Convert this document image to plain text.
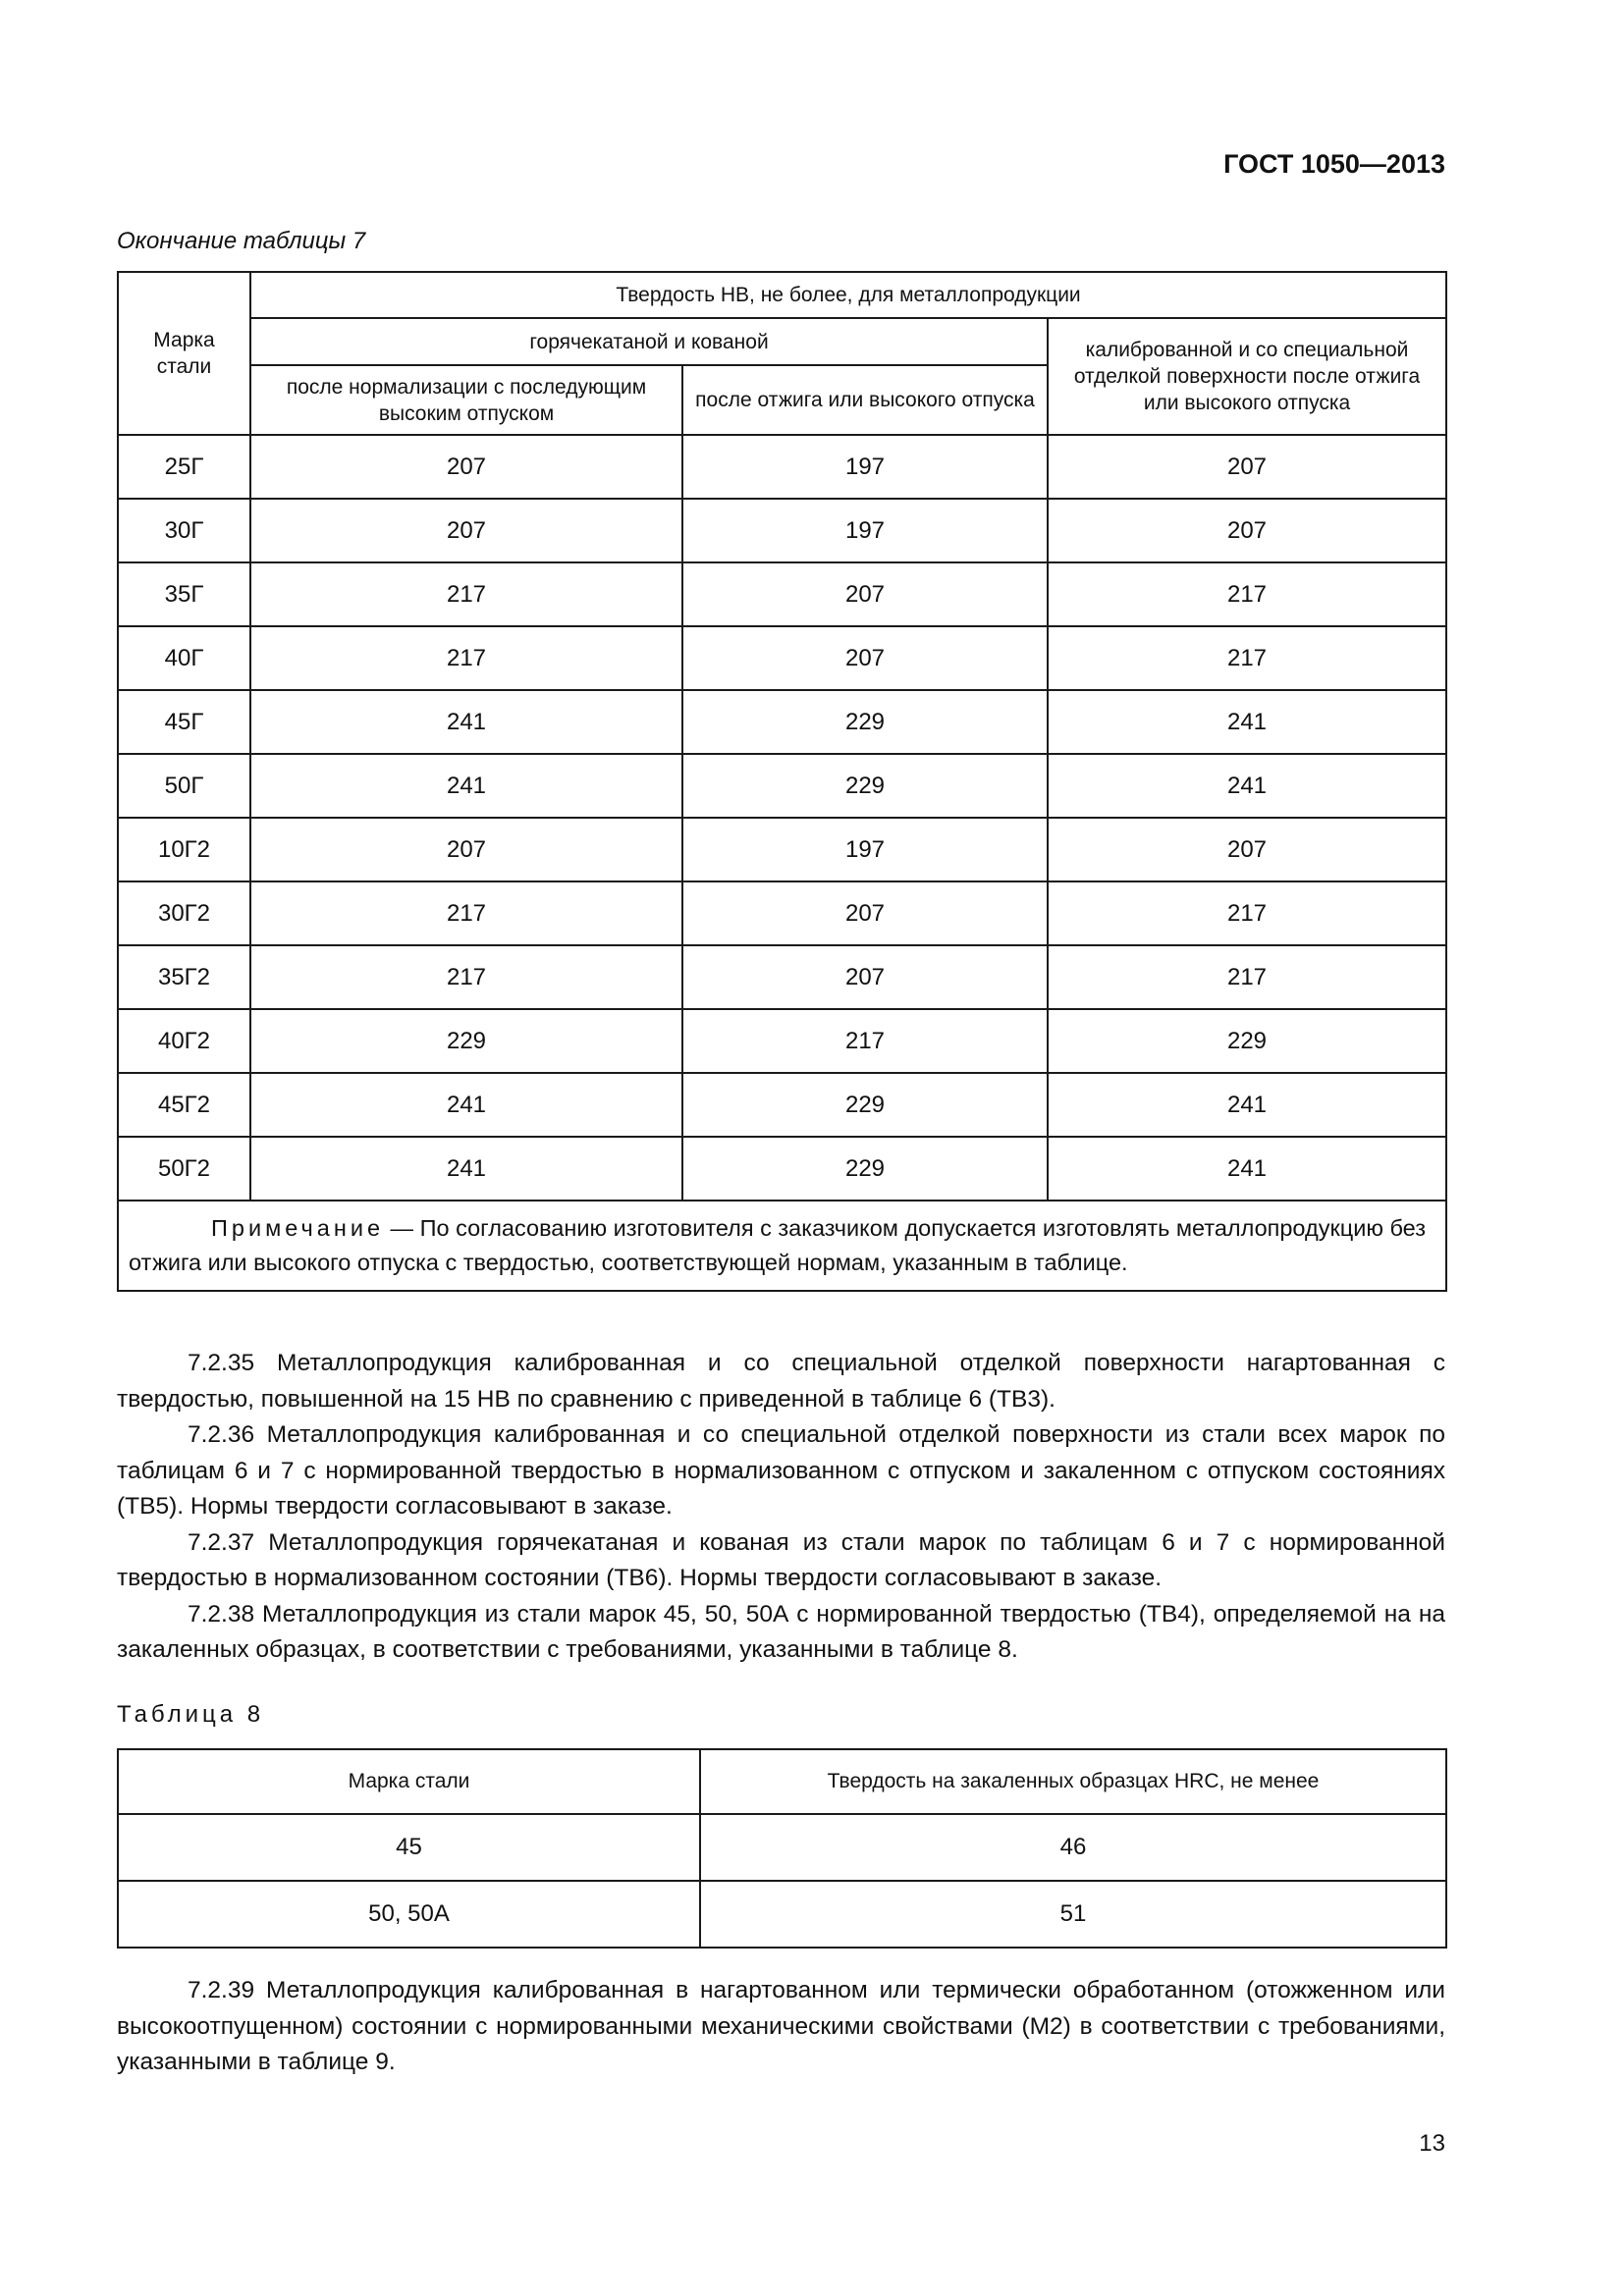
ГОСТ 1050—2013
Окончание таблицы 7
Марка стали	Твердость НВ, не более, для металлопродукции		
	горячекатаной и кованой		калиброванной и со специальной отделкой поверхности после отжига или высокого отпуска
	после нормализации с последующим высоким отпуском	после отжига или высокого отпуска	
25Г	207	197	207
30Г	207	197	207
35Г	217	207	217
40Г	217	207	217
45Г	241	229	241
50Г	241	229	241
10Г2	207	197	207
30Г2	217	207	217
35Г2	217	207	217
40Г2	229	217	229
45Г2	241	229	241
50Г2	241	229	241
Примечание — По согласованию изготовителя с заказчиком допускается изготовлять металлопродукцию без отжига или высокого отпуска с твердостью, соответствующей нормам, указанным в таблице.			

7.2.35 Металлопродукция калиброванная и со специальной отделкой поверхности нагартованная с твердостью, повышенной на 15 НВ по сравнению с приведенной в таблице 6 (ТВ3).

7.2.36 Металлопродукция калиброванная и со специальной отделкой поверхности из стали всех марок по таблицам 6 и 7 с нормированной твердостью в нормализованном с отпуском и закаленном с отпуском состояниях (ТВ5). Нормы твердости согласовывают в заказе.

7.2.37 Металлопродукция горячекатаная и кованая из стали марок по таблицам 6 и 7 с нормированной твердостью в нормализованном состоянии (ТВ6). Нормы твердости согласовывают в заказе.

7.2.38 Металлопродукция из стали марок 45, 50, 50А с нормированной твердостью (ТВ4), определяемой на на закаленных образцах, в соответствии с требованиями, указанными в таблице 8.

Таблица 8
Марка стали	Твердость на закаленных образцах HRC, не менее
45	46
50, 50А	51

7.2.39 Металлопродукция калиброванная в нагартованном или термически обработанном (отожженном или высокоотпущенном) состоянии с нормированными механическими свойствами (М2) в соответствии с требованиями, указанными в таблице 9.

13
